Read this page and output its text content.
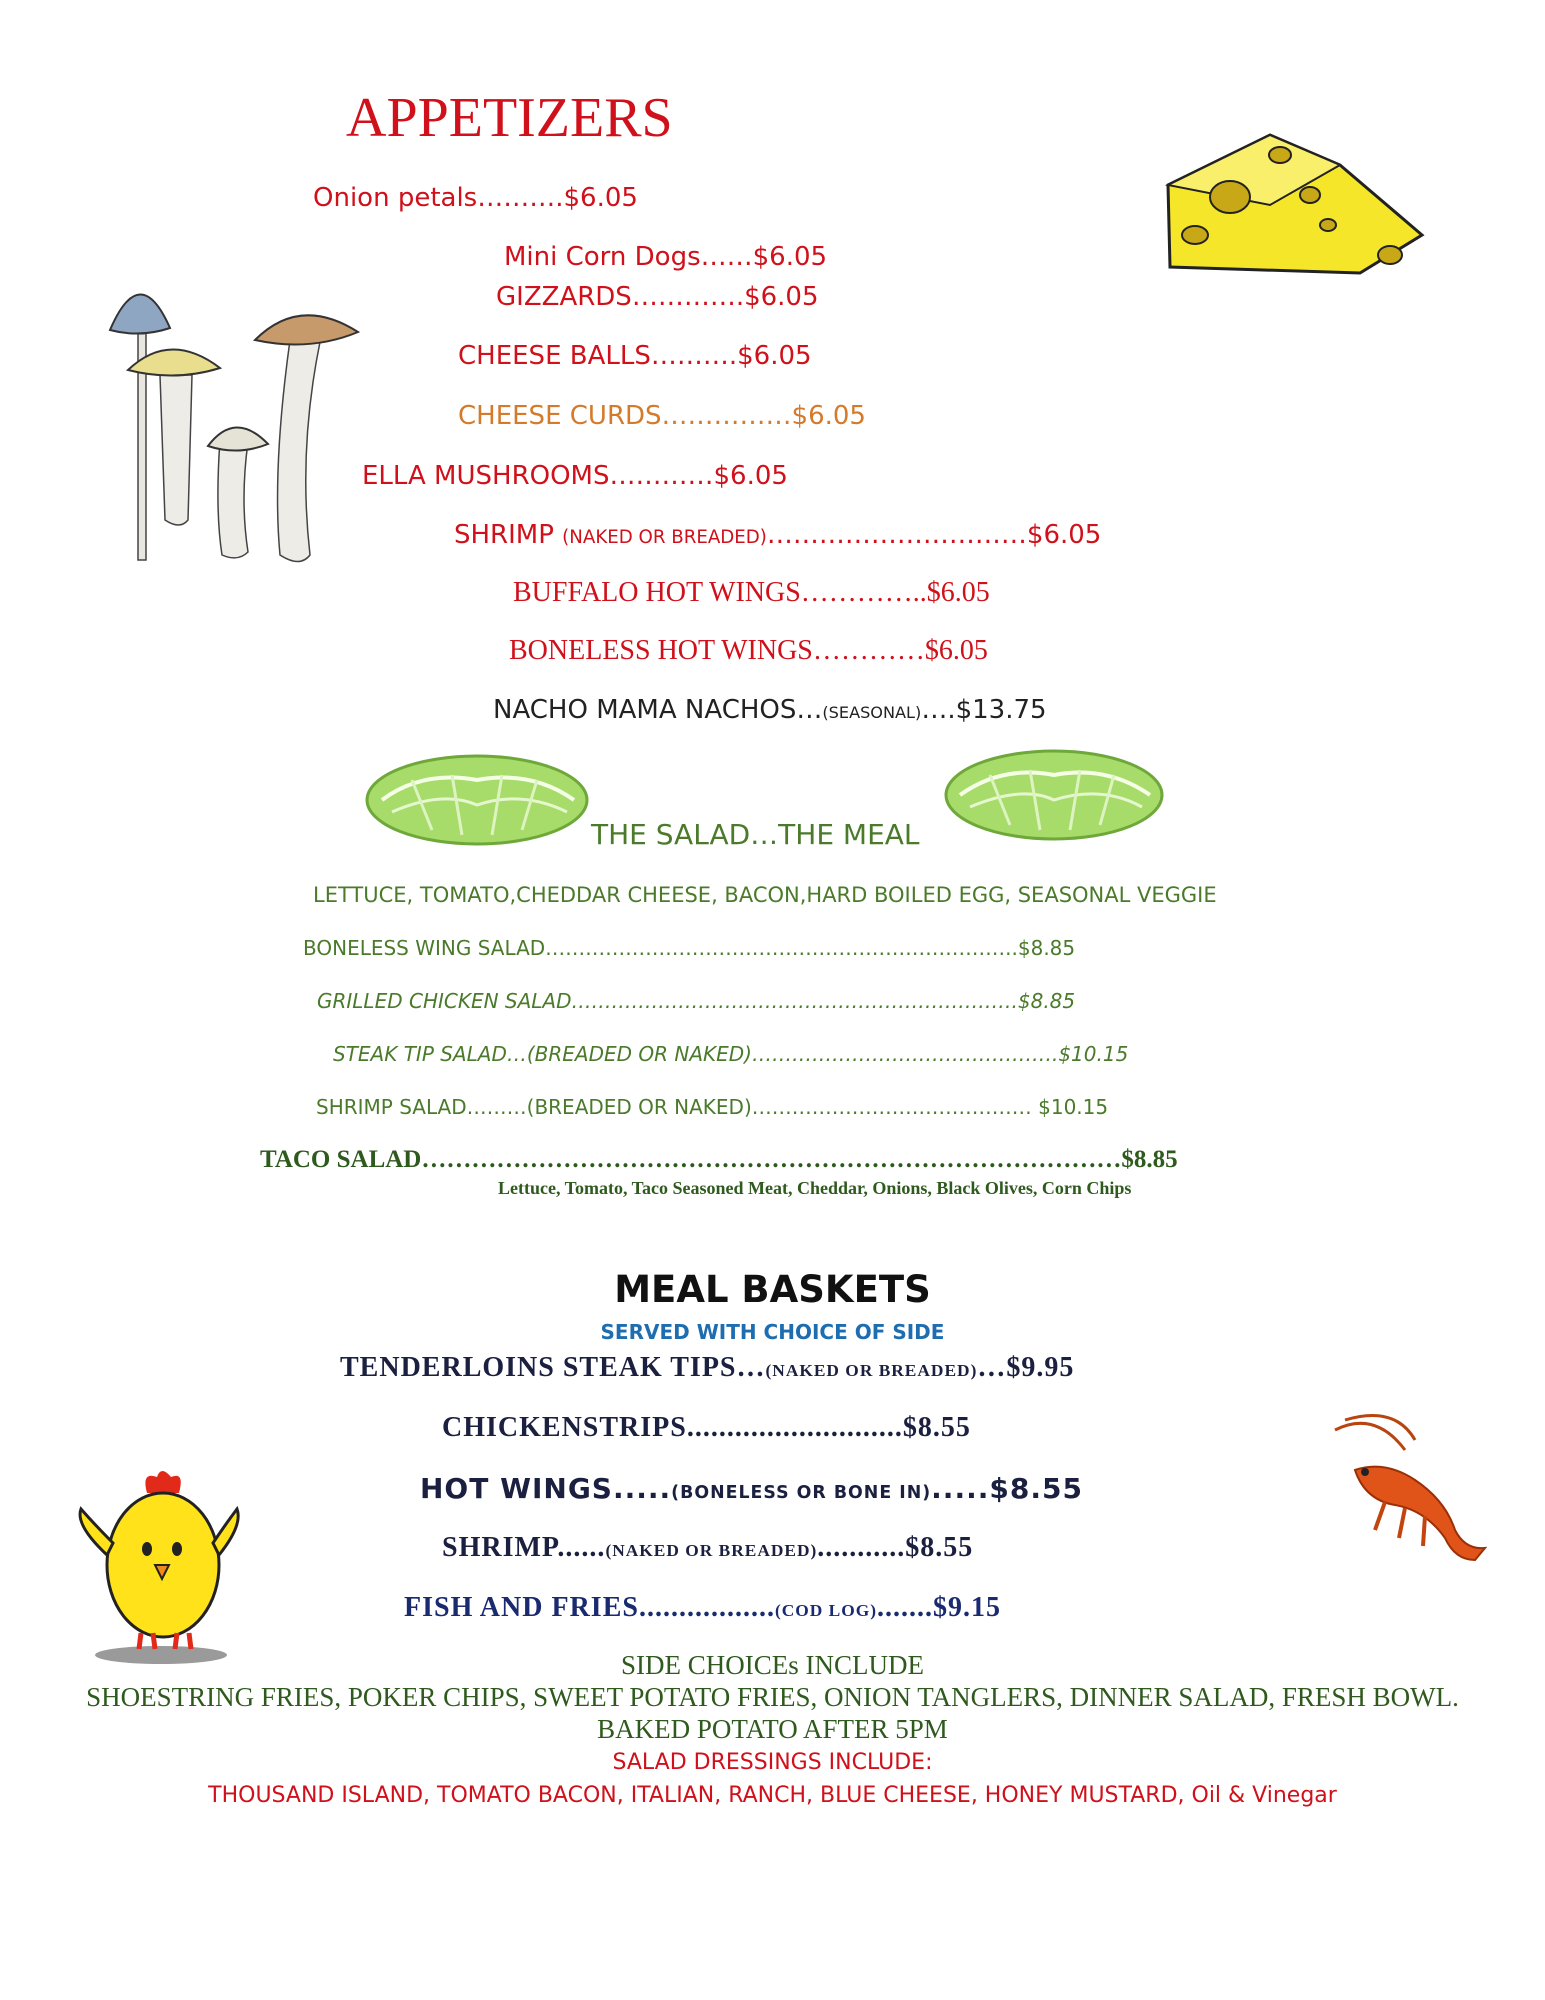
APPETIZERS
Onion petals……….$6.05
Mini Corn Dogs……$6.05
GIZZARDS………….$6.05
CHEESE BALLS……….$6.05
CHEESE CURDS……………$6.05
ELLA MUSHROOMS…………$6.05
SHRIMP (NAKED OR BREADED)…………………………$6.05
BUFFALO HOT WINGS…………..$6.05
BONELESS HOT WINGS…………$6.05
NACHO MAMA NACHOS…(SEASONAL)….$13.75
THE SALAD…THE MEAL
LETTUCE, TOMATO,CHEDDAR CHEESE, BACON,HARD BOILED EGG, SEASONAL VEGGIE
BONELESS WING SALAD……………………………………………………………..$8.85
GRILLED CHICKEN SALAD………………………………………………………….$8.85
STEAK TIP SALAD…(BREADED OR NAKED)……………………………………….$10.15
SHRIMP SALAD………(BREADED OR NAKED)…………………………………… $10.15
TACO SALAD…………………………………………………………………………$8.85
Lettuce, Tomato, Taco Seasoned Meat, Cheddar, Onions, Black Olives, Corn Chips
MEAL BASKETS
SERVED WITH CHOICE OF SIDE
TENDERLOINS STEAK TIPS…(NAKED OR BREADED)…$9.95
CHICKENSTRIPS...........................$8.55
HOT WINGS.....(BONELESS OR BONE IN).....$8.55
SHRIMP......(NAKED OR BREADED)...........$8.55
FISH AND FRIES.................(COD LOG).......$9.15
SIDE CHOICEs INCLUDE
SHOESTRING FRIES, POKER CHIPS, SWEET POTATO FRIES, ONION TANGLERS, DINNER SALAD, FRESH BOWL.
BAKED POTATO AFTER 5PM
SALAD DRESSINGS INCLUDE:
THOUSAND ISLAND, TOMATO BACON, ITALIAN, RANCH, BLUE CHEESE, HONEY MUSTARD, Oil & Vinegar
